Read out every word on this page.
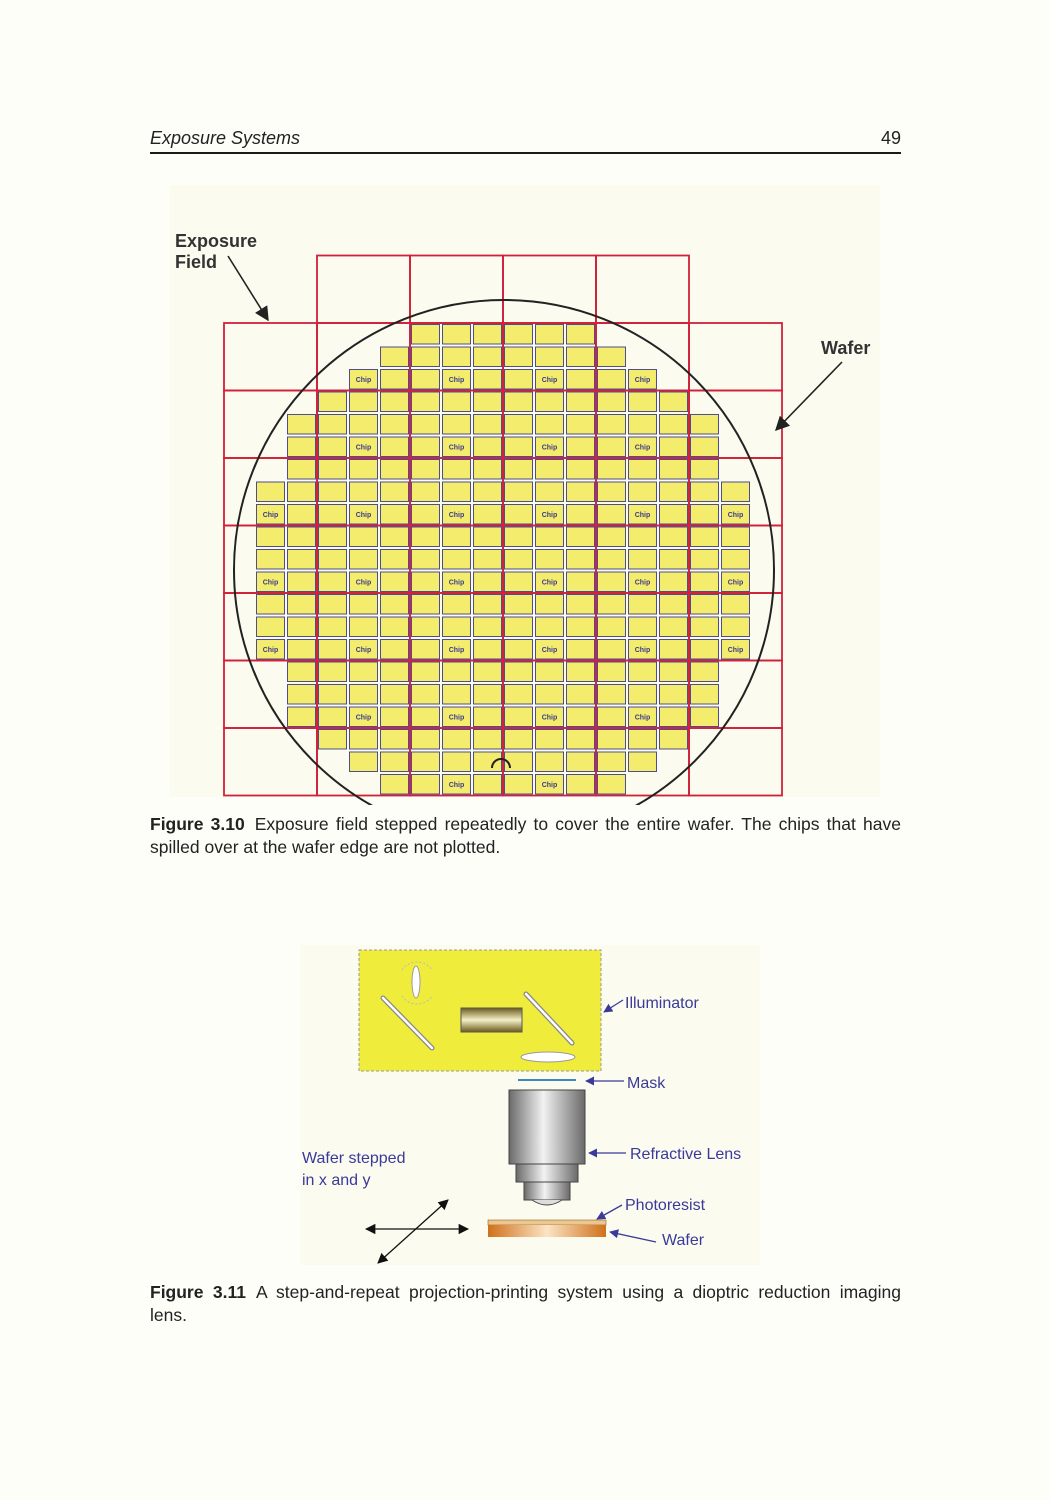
Exposure Systems	49
Chip	Chip	Chip	Chip
Chip	Chip	Chip	Chip
Chip	Chip	Chip	Chip	Chip	Chip
Chip	Chip	Chip	Chip	Chip	Chip
Chip	Chip	Chip	Chip	Chip	Chip
Chip	Chip	Chip	Chip
Chip	Chip
Exposure
Field
Wafer
Figure 3.10 Exposure field stepped repeatedly to cover the entire wafer. The chips that have spilled over at the wafer edge are not plotted.
Illuminator
Mask
Refractive Lens
Photoresist
Wafer
Wafer stepped
in x and y
Figure 3.11 A step-and-repeat projection-printing system using a dioptric reduction imaging lens.
